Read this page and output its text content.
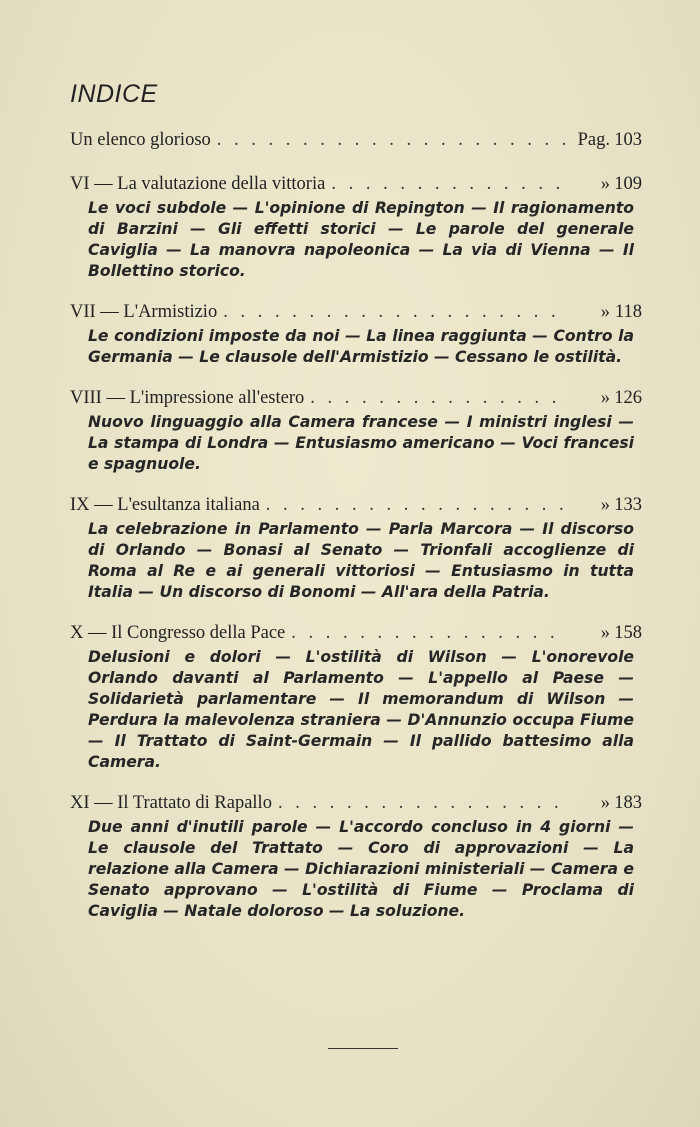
INDICE
Un elenco glorioso . . .	Pag. 103
VI — La valutazione della vittoria . . .	» 109
Le voci subdole — L'opinione di Repington — Il ragionamento di Barzini — Gli effetti storici — Le parole del generale Caviglia — La manovra napoleonica — La via di Vienna — Il Bollettino storico.
VII — L'Armistizio . . .	» 118
Le condizioni imposte da noi — La linea raggiunta — Contro la Germania — Le clausole dell'Armistizio — Cessano le ostilità.
VIII — L'impressione all'estero . . .	» 126
Nuovo linguaggio alla Camera francese — I ministri inglesi — La stampa di Londra — Entusiasmo americano — Voci francesi e spagnuole.
IX — L'esultanza italiana . . .	» 133
La celebrazione in Parlamento — Parla Marcora — Il discorso di Orlando — Bonasi al Senato — Trionfali accoglienze di Roma al Re e ai generali vittoriosi — Entusiasmo in tutta Italia — Un discorso di Bonomi — All'ara della Patria.
X — Il Congresso della Pace . . .	» 158
Delusioni e dolori — L'ostilità di Wilson — L'onorevole Orlando davanti al Parlamento — L'appello al Paese — Solidarietà parlamentare — Il memorandum di Wilson — Perdura la malevolenza straniera — D'Annunzio occupa Fiume — Il Trattato di Saint-Germain — Il pallido battesimo alla Camera.
XI — Il Trattato di Rapallo . . .	» 183
Due anni d'inutili parole — L'accordo concluso in 4 giorni — Le clausole del Trattato — Coro di approvazioni — La relazione alla Camera — Dichiarazioni ministeriali — Camera e Senato approvano — L'ostilità di Fiume — Proclama di Caviglia — Natale doloroso — La soluzione.
